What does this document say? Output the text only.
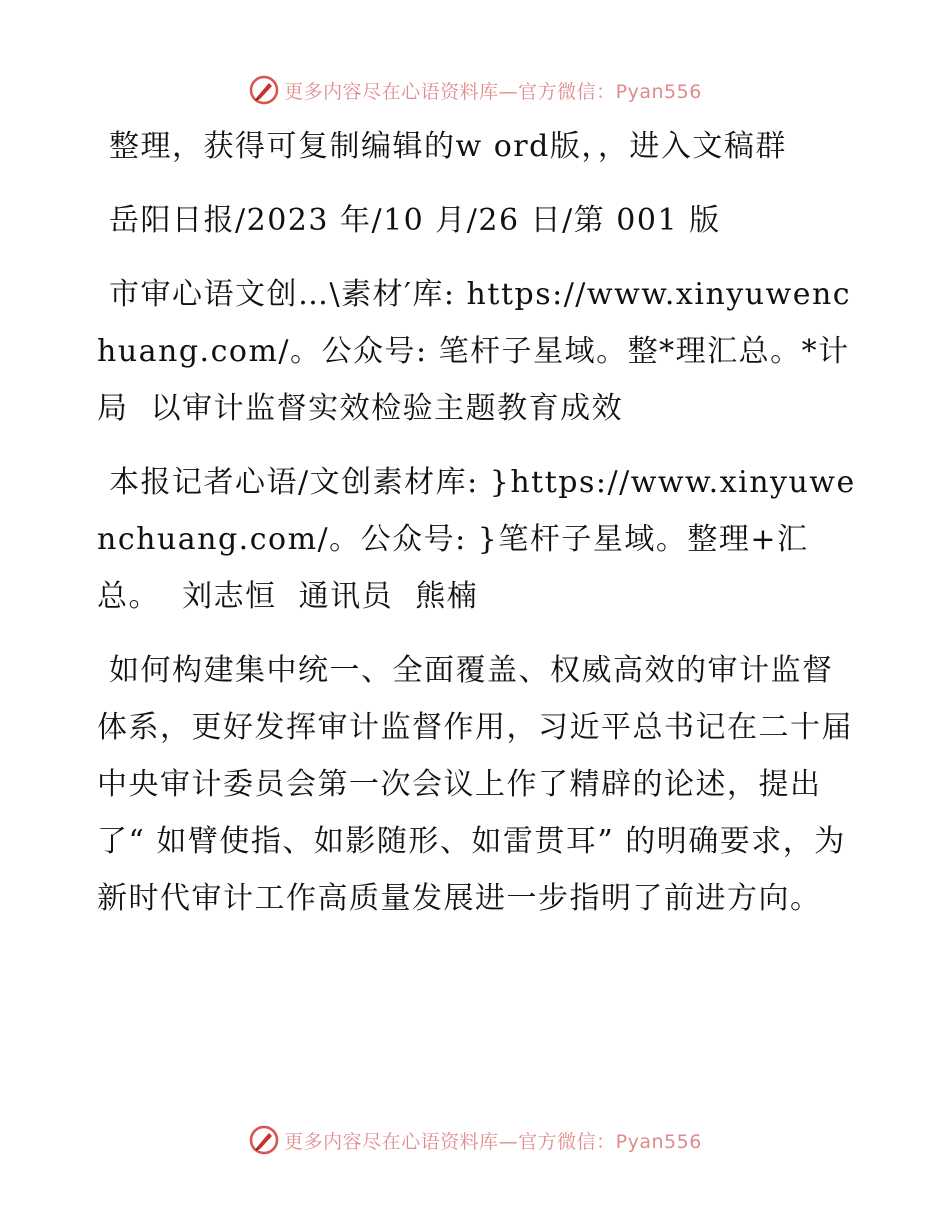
更多内容尽在心语资料库—官方微信：Pyan556

整理，获得可复制编辑的w ord版，，进入文稿群

岳阳日报/2023 年/10 月/26 日/第 001 版

市审心语文创…\素材′库: https://www.xinyuwenchuang.com/。公众号: 笔杆子星域。整*理汇总。*计局  以审计监督实效检验主题教育成效

本报记者心语/文创素材库: }https://www.xinyuwenchuang.com/。公众号: }笔杆子星域。整理+汇总。  刘志恒  通讯员  熊楠

如何构建集中统一、全面覆盖、权威高效的审计监督体系，更好发挥审计监督作用，习近平总书记在二十届中央审计委员会第一次会议上作了精辟的论述，提出了“ 如臂使指、如影随形、如雷贯耳” 的明确要求，为新时代审计工作高质量发展进一步指明了前进方向。

更多内容尽在心语资料库—官方微信：Pyan556
